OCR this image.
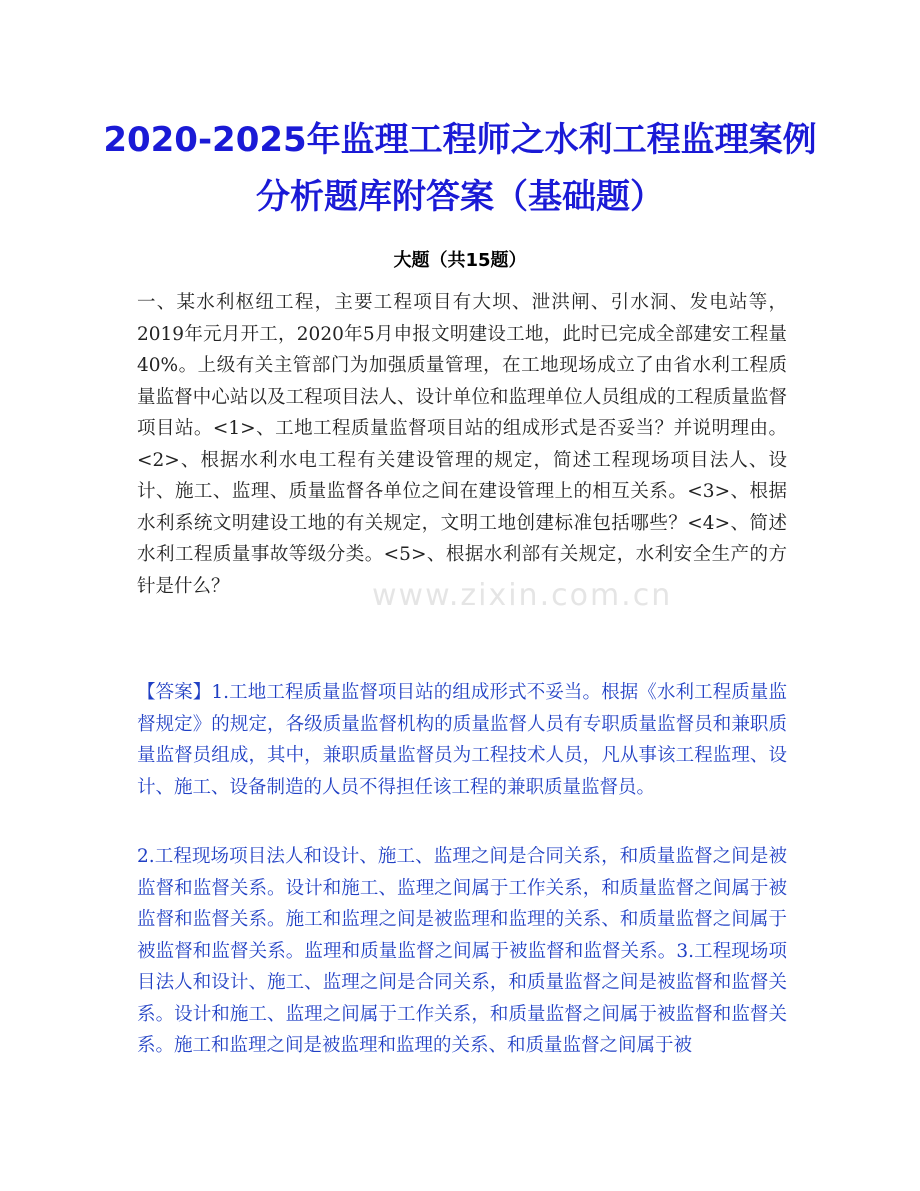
2020-2025年监理工程师之水利工程监理案例分析题库附答案（基础题）
大题（共15题）

一、某水利枢纽工程，主要工程项目有大坝、泄洪闸、引水洞、发电站等，2019年元月开工，2020年5月申报文明建设工地，此时已完成全部建安工程量40%。上级有关主管部门为加强质量管理，在工地现场成立了由省水利工程质量监督中心站以及工程项目法人、设计单位和监理单位人员组成的工程质量监督项目站。<1>、工地工程质量监督项目站的组成形式是否妥当？并说明理由。<2>、根据水利水电工程有关建设管理的规定，简述工程现场项目法人、设计、施工、监理、质量监督各单位之间在建设管理上的相互关系。<3>、根据水利系统文明建设工地的有关规定，文明工地创建标准包括哪些？<4>、简述水利工程质量事故等级分类。<5>、根据水利部有关规定，水利安全生产的方针是什么？	www.zixin.com.cn

【答案】1.工地工程质量监督项目站的组成形式不妥当。根据《水利工程质量监督规定》的规定，各级质量监督机构的质量监督人员有专职质量监督员和兼职质量监督员组成，其中，兼职质量监督员为工程技术人员，凡从事该工程监理、设计、施工、设备制造的人员不得担任该工程的兼职质量监督员。

2.工程现场项目法人和设计、施工、监理之间是合同关系，和质量监督之间是被监督和监督关系。设计和施工、监理之间属于工作关系，和质量监督之间属于被监督和监督关系。施工和监理之间是被监理和监理的关系、和质量监督之间属于被监督和监督关系。监理和质量监督之间属于被监督和监督关系。3.工程现场项目法人和设计、施工、监理之间是合同关系，和质量监督之间是被监督和监督关系。设计和施工、监理之间属于工作关系，和质量监督之间属于被监督和监督关系。施工和监理之间是被监理和监理的关系、和质量监督之间属于被
